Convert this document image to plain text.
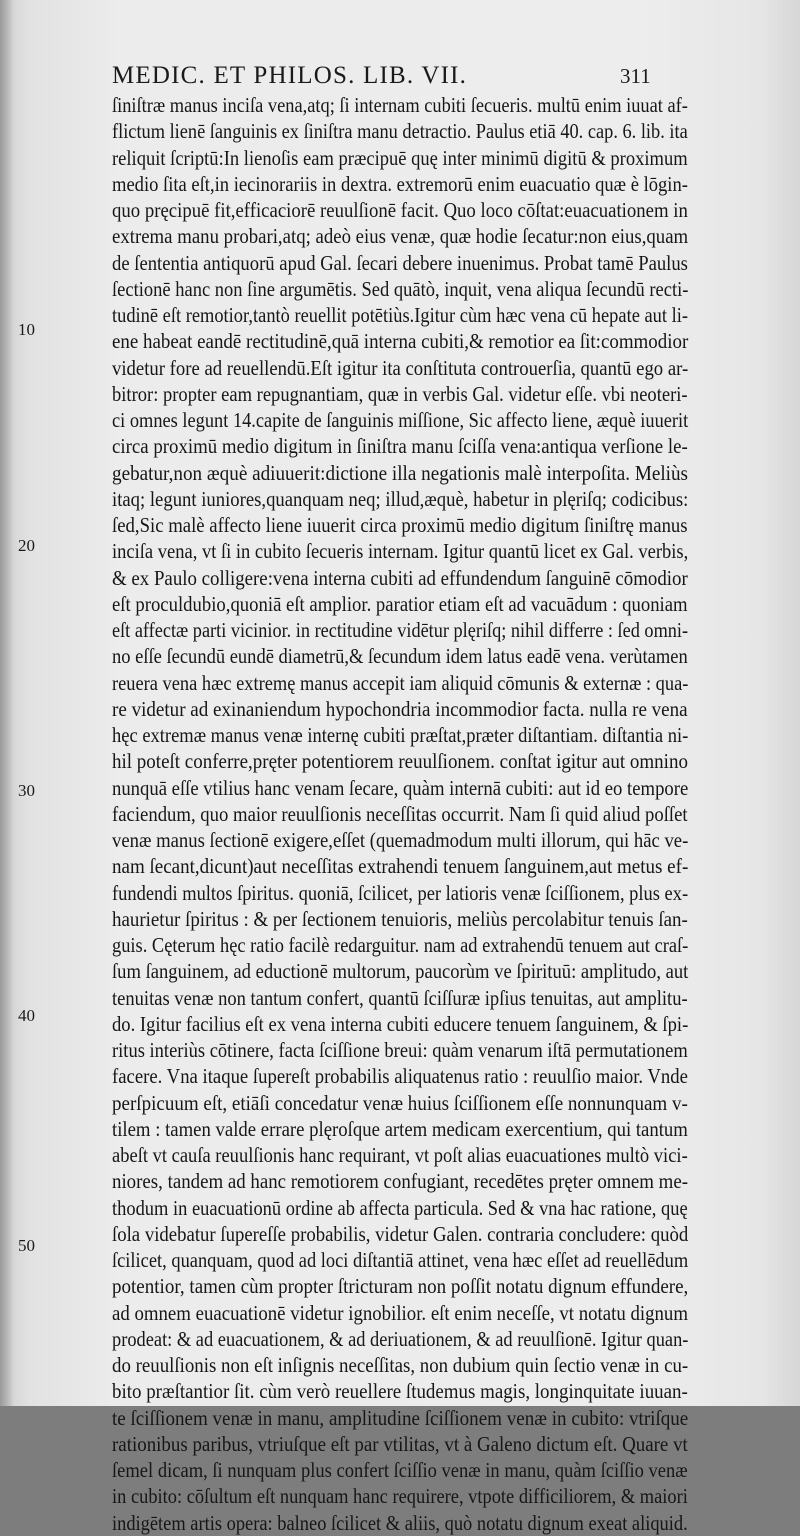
MEDIC. ET PHILOS. LIB. VII.	311
10
20
30
40
50
ſiniſtræ manus inciſa vena,atq; ſi internam cubiti ſecueris. multū enim iuuat af-
flictum lienē ſanguinis ex ſiniſtra manu detractio. Paulus etiā 40. cap. 6. lib. ita
reliquit ſcriptū:In lienoſis eam præcipuē quę inter minimū digitū & proximum
medio ſita eſt,in iecinorariis in dextra. extremorū enim euacuatio quæ è lōgin-
quo pręcipuē fit,efficaciorē reuulſionē facit. Quo loco cōſtat:euacuationem in
extrema manu probari,atq; adeò eius venæ, quæ hodie ſecatur:non eius,quam
de ſententia antiquorū apud Gal. ſecari debere inuenimus. Probat tamē Paulus
ſectionē hanc non ſine argumētis. Sed quātò, inquit, vena aliqua ſecundū recti-
tudinē eſt remotior,tantò reuellit potētiùs.Igitur cùm hæc vena cū hepate aut li-
ene habeat eandē rectitudinē,quā interna cubiti,& remotior ea ſit:commodior
videtur fore ad reuellendū.Eſt igitur ita conſtituta controuerſia, quantū ego ar-
bitror: propter eam repugnantiam, quæ in verbis Gal. videtur eſſe. vbi neoteri-
ci omnes legunt 14.capite de ſanguinis miſſione, Sic affecto liene, æquè iuuerit
circa proximū medio digitum in ſiniſtra manu ſciſſa vena:antiqua verſione le-
gebatur,non æquè adiuuerit:dictione illa negationis malè interpoſita. Meliùs
itaq; legunt iuniores,quanquam neq; illud,æquè, habetur in plęriſq; codicibus:
ſed,Sic malè affecto liene iuuerit circa proximū medio digitum ſiniſtrę manus
inciſa vena, vt ſi in cubito ſecueris internam. Igitur quantū licet ex Gal. verbis,
& ex Paulo colligere:vena interna cubiti ad effundendum ſanguinē cōmodior
eſt proculdubio,quoniā eſt amplior. paratior etiam eſt ad vacuādum : quoniam
eſt affectæ parti vicinior. in rectitudine vidētur plęriſq; nihil differre : ſed omni-
no eſſe ſecundū eundē diametrū,& ſecundum idem latus eadē vena. verùtamen
reuera vena hæc extremę manus accepit iam aliquid cōmunis & externæ : qua-
re videtur ad exinaniendum hypochondria incommodior facta. nulla re vena
hęc extremæ manus venæ internę cubiti præſtat,præter diſtantiam. diſtantia ni-
hil poteſt conferre,pręter potentiorem reuulſionem. conſtat igitur aut omnino
nunquā eſſe vtilius hanc venam ſecare, quàm internā cubiti: aut id eo tempore
faciendum, quo maior reuulſionis neceſſitas occurrit. Nam ſi quid aliud poſſet
venæ manus ſectionē exigere,eſſet (quemadmodum multi illorum, qui hāc ve-
nam ſecant,dicunt)aut neceſſitas extrahendi tenuem ſanguinem,aut metus ef-
fundendi multos ſpiritus. quoniā, ſcilicet, per latioris venæ ſciſſionem, plus ex-
haurietur ſpiritus : & per ſectionem tenuioris, meliùs percolabitur tenuis ſan-
guis. Cęterum hęc ratio facilè redarguitur. nam ad extrahendū tenuem aut craſ-
ſum ſanguinem, ad eductionē multorum, paucorùm ve ſpirituū: amplitudo, aut
tenuitas venæ non tantum confert, quantū ſciſſuræ ipſius tenuitas, aut amplitu-
do. Igitur facilius eſt ex vena interna cubiti educere tenuem ſanguinem, & ſpi-
ritus interiùs cōtinere, facta ſciſſione breui: quàm venarum iſtā permutationem
facere. Vna itaque ſupereſt probabilis aliquatenus ratio : reuulſio maior. Vnde
perſpicuum eſt, etiāſi concedatur venæ huius ſciſſionem eſſe nonnunquam v-
tilem : tamen valde errare plęroſque artem medicam exercentium, qui tantum
abeſt vt cauſa reuulſionis hanc requirant, vt poſt alias euacuationes multò vici-
niores, tandem ad hanc remotiorem confugiant, recedētes pręter omnem me-
thodum in euacuationū ordine ab affecta particula. Sed & vna hac ratione, quę
ſola videbatur ſupereſſe probabilis, videtur Galen. contraria concludere: quòd
ſcilicet, quanquam, quod ad loci diſtantiā attinet, vena hæc eſſet ad reuellēdum
potentior, tamen cùm propter ſtricturam non poſſit notatu dignum effundere,
ad omnem euacuationē videtur ignobilior. eſt enim neceſſe, vt notatu dignum
prodeat: & ad euacuationem, & ad deriuationem, & ad reuulſionē. Igitur quan-
do reuulſionis non eſt inſignis neceſſitas, non dubium quin ſectio venæ in cu-
bito præſtantior ſit. cùm verò reuellere ſtudemus magis, longinquitate iuuan-
te ſciſſionem venæ in manu, amplitudine ſciſſionem venæ in cubito: vtriſque
rationibus paribus, vtriuſque eſt par vtilitas, vt à Galeno dictum eſt. Quare vt
ſemel dicam, ſi nunquam plus confert ſciſſio venæ in manu, quàm ſciſſio venæ
in cubito: cōſultum eſt nunquam hanc requirere, vtpote difficiliorem, & maiori
indigētem artis opera: balneo ſcilicet & aliis, quò notatu dignum exeat aliquid.
